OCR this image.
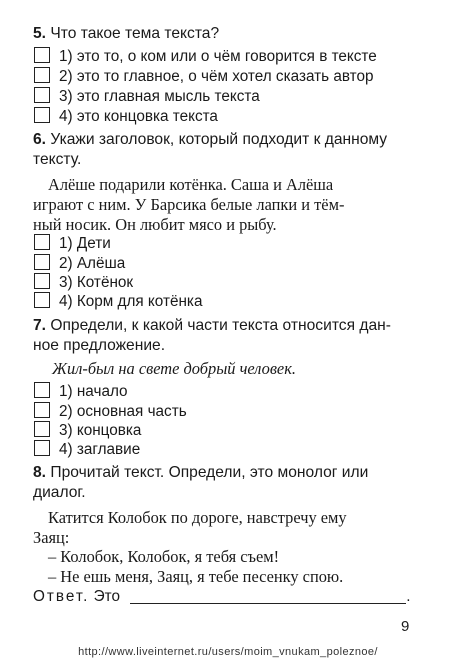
5. Что такое тема текста?
1) это то, о ком или о чём говорится в тексте
2) это то главное, о чём хотел сказать автор
3) это главная мысль текста
4) это концовка текста
6. Укажи заголовок, который подходит к данному
тексту.
Алёше подарили котёнка. Саша и Алёша
играют с ним. У Барсика белые лапки и тём-
ный носик. Он любит мясо и рыбу.
1) Дети
2) Алёша
3) Котёнок
4) Корм для котёнка
7. Определи, к какой части текста относится дан-
ное предложение.
Жил-был на свете добрый человек.
1) начало
2) основная часть
3) концовка
4) заглавие
8. Прочитай текст. Определи, это монолог или
диалог.
Катится Колобок по дороге, навстречу ему
Заяц:
– Колобок, Колобок, я тебя съем!
– Не ешь меня, Заяц, я тебе песенку спою.
Ответ. Это	.
9
http://www.liveinternet.ru/users/moim_vnukam_poleznoe/
